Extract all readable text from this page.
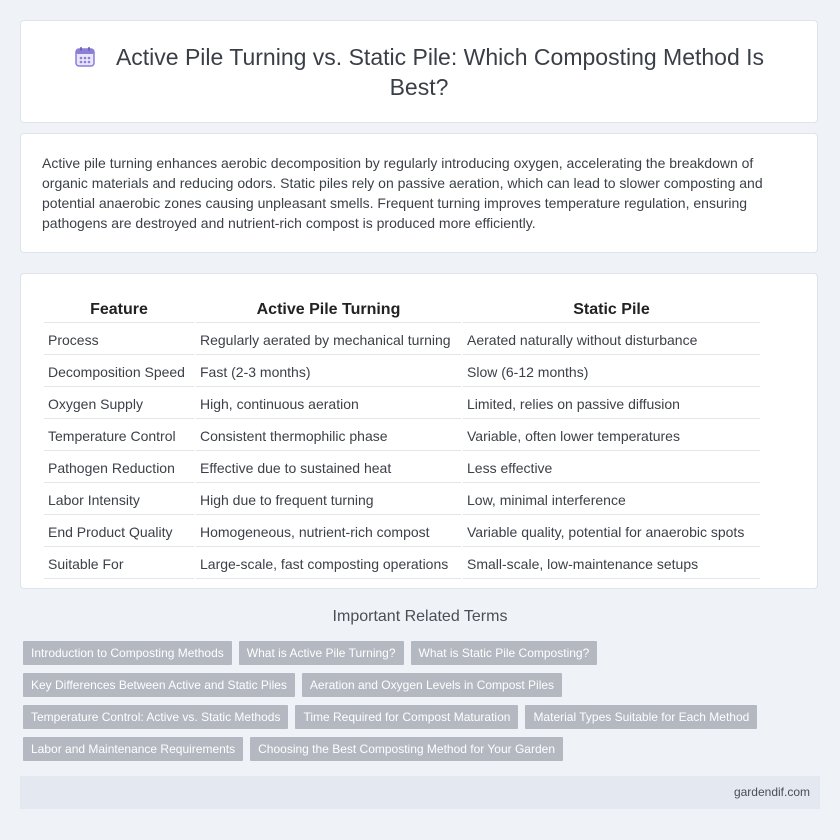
Active Pile Turning vs. Static Pile: Which Composting Method Is Best?
Active pile turning enhances aerobic decomposition by regularly introducing oxygen, accelerating the breakdown of organic materials and reducing odors. Static piles rely on passive aeration, which can lead to slower composting and potential anaerobic zones causing unpleasant smells. Frequent turning improves temperature regulation, ensuring pathogens are destroyed and nutrient-rich compost is produced more efficiently.
Feature	Active Pile Turning	Static Pile
Process	Regularly aerated by mechanical turning	Aerated naturally without disturbance
Decomposition Speed	Fast (2-3 months)	Slow (6-12 months)
Oxygen Supply	High, continuous aeration	Limited, relies on passive diffusion
Temperature Control	Consistent thermophilic phase	Variable, often lower temperatures
Pathogen Reduction	Effective due to sustained heat	Less effective
Labor Intensity	High due to frequent turning	Low, minimal interference
End Product Quality	Homogeneous, nutrient-rich compost	Variable quality, potential for anaerobic spots
Suitable For	Large-scale, fast composting operations	Small-scale, low-maintenance setups
Important Related Terms
Introduction to Composting Methods	What is Active Pile Turning?	What is Static Pile Composting?
Key Differences Between Active and Static Piles	Aeration and Oxygen Levels in Compost Piles
Temperature Control: Active vs. Static Methods	Time Required for Compost Maturation	Material Types Suitable for Each Method
Labor and Maintenance Requirements	Choosing the Best Composting Method for Your Garden
gardendif.com
